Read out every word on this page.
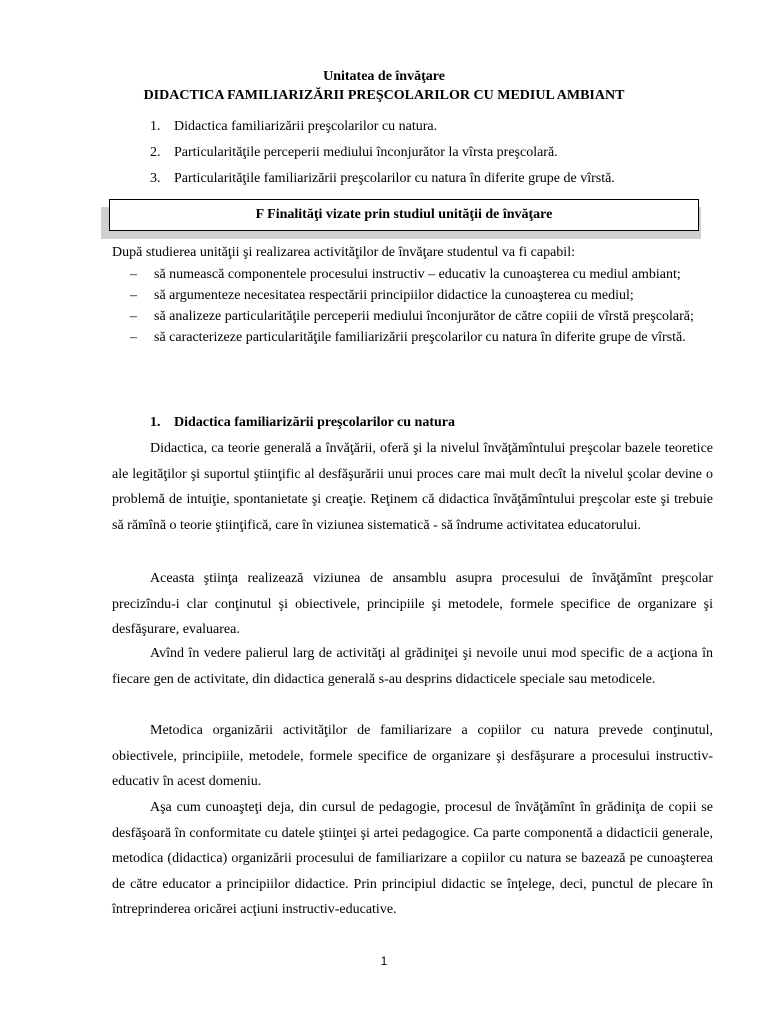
Unitatea de învăţare
DIDACTICA FAMILIARIZĂRII PREŞCOLARILOR CU MEDIUL AMBIANT
1. Didactica familiarizării preşcolarilor cu natura.
2. Particularităţile perceperii mediului înconjurător la vîrsta preşcolară.
3. Particularităţile familiarizării preşcolarilor cu natura în diferite grupe de vîrstă.
F Finalităţi vizate prin studiul unităţii de învăţare
După studierea unităţii şi realizarea activităţilor de învăţare studentul va fi capabil:
– să numească componentele procesului instructiv – educativ la cunoaşterea cu mediul ambiant;
– să argumenteze necesitatea respectării principiilor didactice la cunoaşterea cu mediul;
– să analizeze particularităţile perceperii mediului înconjurător de către copiii de vîrstă preşcolară;
– să caracterizeze particularităţile familiarizării preşcolarilor cu natura în diferite grupe de vîrstă.
1. Didactica familiarizării preşcolarilor cu natura

Didactica, ca teorie generală a învăţării, oferă şi la nivelul învăţămîntului preşcolar bazele teoretice ale legităţilor şi suportul ştiinţific al desfăşurării unui proces care mai mult decît la nivelul şcolar devine o problemă de intuiţie, spontanietate şi creaţie. Reţinem că didactica învăţămîntului preşcolar este şi trebuie să rămînă o teorie ştiinţifică, care în viziunea sistematică - să îndrume activitatea educatorului.

Aceasta ştiinţa realizează viziunea de ansamblu asupra procesului de învăţămînt preşcolar precizîndu-i clar conţinutul şi obiectivele, principiile şi metodele, formele specifice de organizare şi desfăşurare, evaluarea.

Avînd în vedere palierul larg de activităţi al grădiniţei şi nevoile unui mod specific de a acţiona în fiecare gen de activitate, din didactica generală s-au desprins didacticele speciale sau metodicele.

Metodica organizării activităţilor de familiarizare a copiilor cu natura prevede conţinutul, obiectivele, principiile, metodele, formele specifice de organizare şi desfăşurare a procesului instructiv-educativ în acest domeniu.

Aşa cum cunoaşteţi deja, din cursul de pedagogie, procesul de învăţămînt în grădiniţa de copii se desfăşoară în conformitate cu datele ştiinţei şi artei pedagogice. Ca parte componentă a didacticii generale, metodica (didactica) organizării procesului de familiarizare a copiilor cu natura se bazează pe cunoaşterea de către educator a principiilor didactice. Prin principiul didactic se înţelege, deci, punctul de plecare în întreprinderea oricărei acţiuni instructiv-educative.

1
